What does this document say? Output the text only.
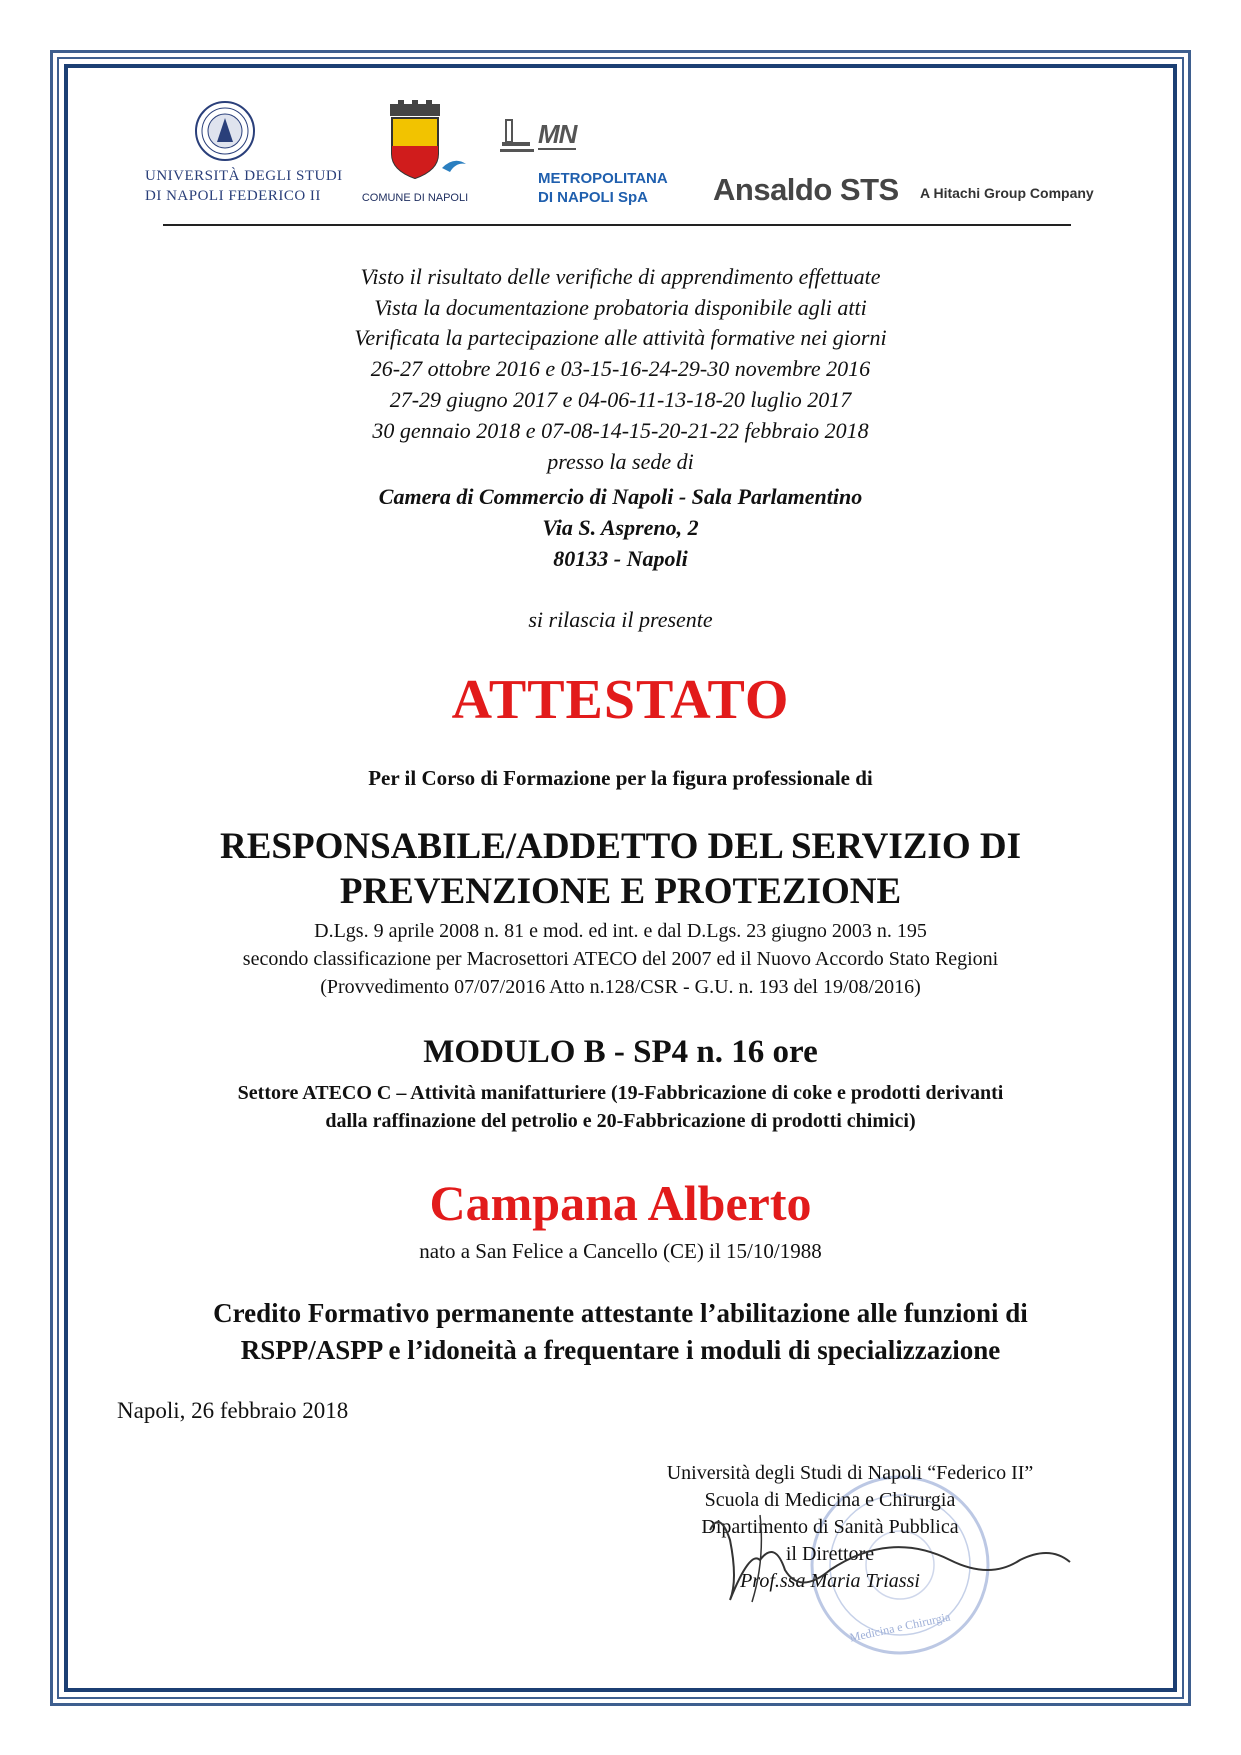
UNIVERSITÀ DEGLI STUDI
DI NAPOLI FEDERICO II	COMUNE DI NAPOLI
MN
METROPOLITANA
DI NAPOLI SpA Ansaldo STS A Hitachi Group Company
Visto il risultato delle verifiche di apprendimento effettuate
Vista la documentazione probatoria disponibile agli atti
Verificata la partecipazione alle attività formative nei giorni
26-27 ottobre 2016 e 03-15-16-24-29-30 novembre 2016
27-29 giugno 2017 e 04-06-11-13-18-20 luglio 2017
30 gennaio 2018 e 07-08-14-15-20-21-22 febbraio 2018
presso la sede di
Camera di Commercio di Napoli - Sala Parlamentino
Via S. Aspreno, 2
80133 - Napoli
si rilascia il presente
ATTESTATO
Per il Corso di Formazione per la figura professionale di
RESPONSABILE/ADDETTO DEL SERVIZIO DI
PREVENZIONE E PROTEZIONE
D.Lgs. 9 aprile 2008 n. 81 e mod. ed int. e dal D.Lgs. 23 giugno 2003 n. 195
secondo classificazione per Macrosettori ATECO del 2007 ed il Nuovo Accordo Stato Regioni
(Provvedimento 07/07/2016 Atto n.128/CSR - G.U. n. 193 del 19/08/2016)
MODULO B - SP4 n. 16 ore
Settore ATECO C – Attività manifatturiere (19-Fabbricazione di coke e prodotti derivanti
dalla raffinazione del petrolio e 20-Fabbricazione di prodotti chimici)
Campana Alberto
nato a San Felice a Cancello (CE) il 15/10/1988
Credito Formativo permanente attestante l’abilitazione alle funzioni di
RSPP/ASPP e l’idoneità a frequentare i moduli di specializzazione
Napoli, 26 febbraio 2018
Medicina e Chirurgia
Università degli Studi di Napoli “Federico II”
Scuola di Medicina e Chirurgia
Dipartimento di Sanità Pubblica
il Direttore
Prof.ssa Maria Triassi
